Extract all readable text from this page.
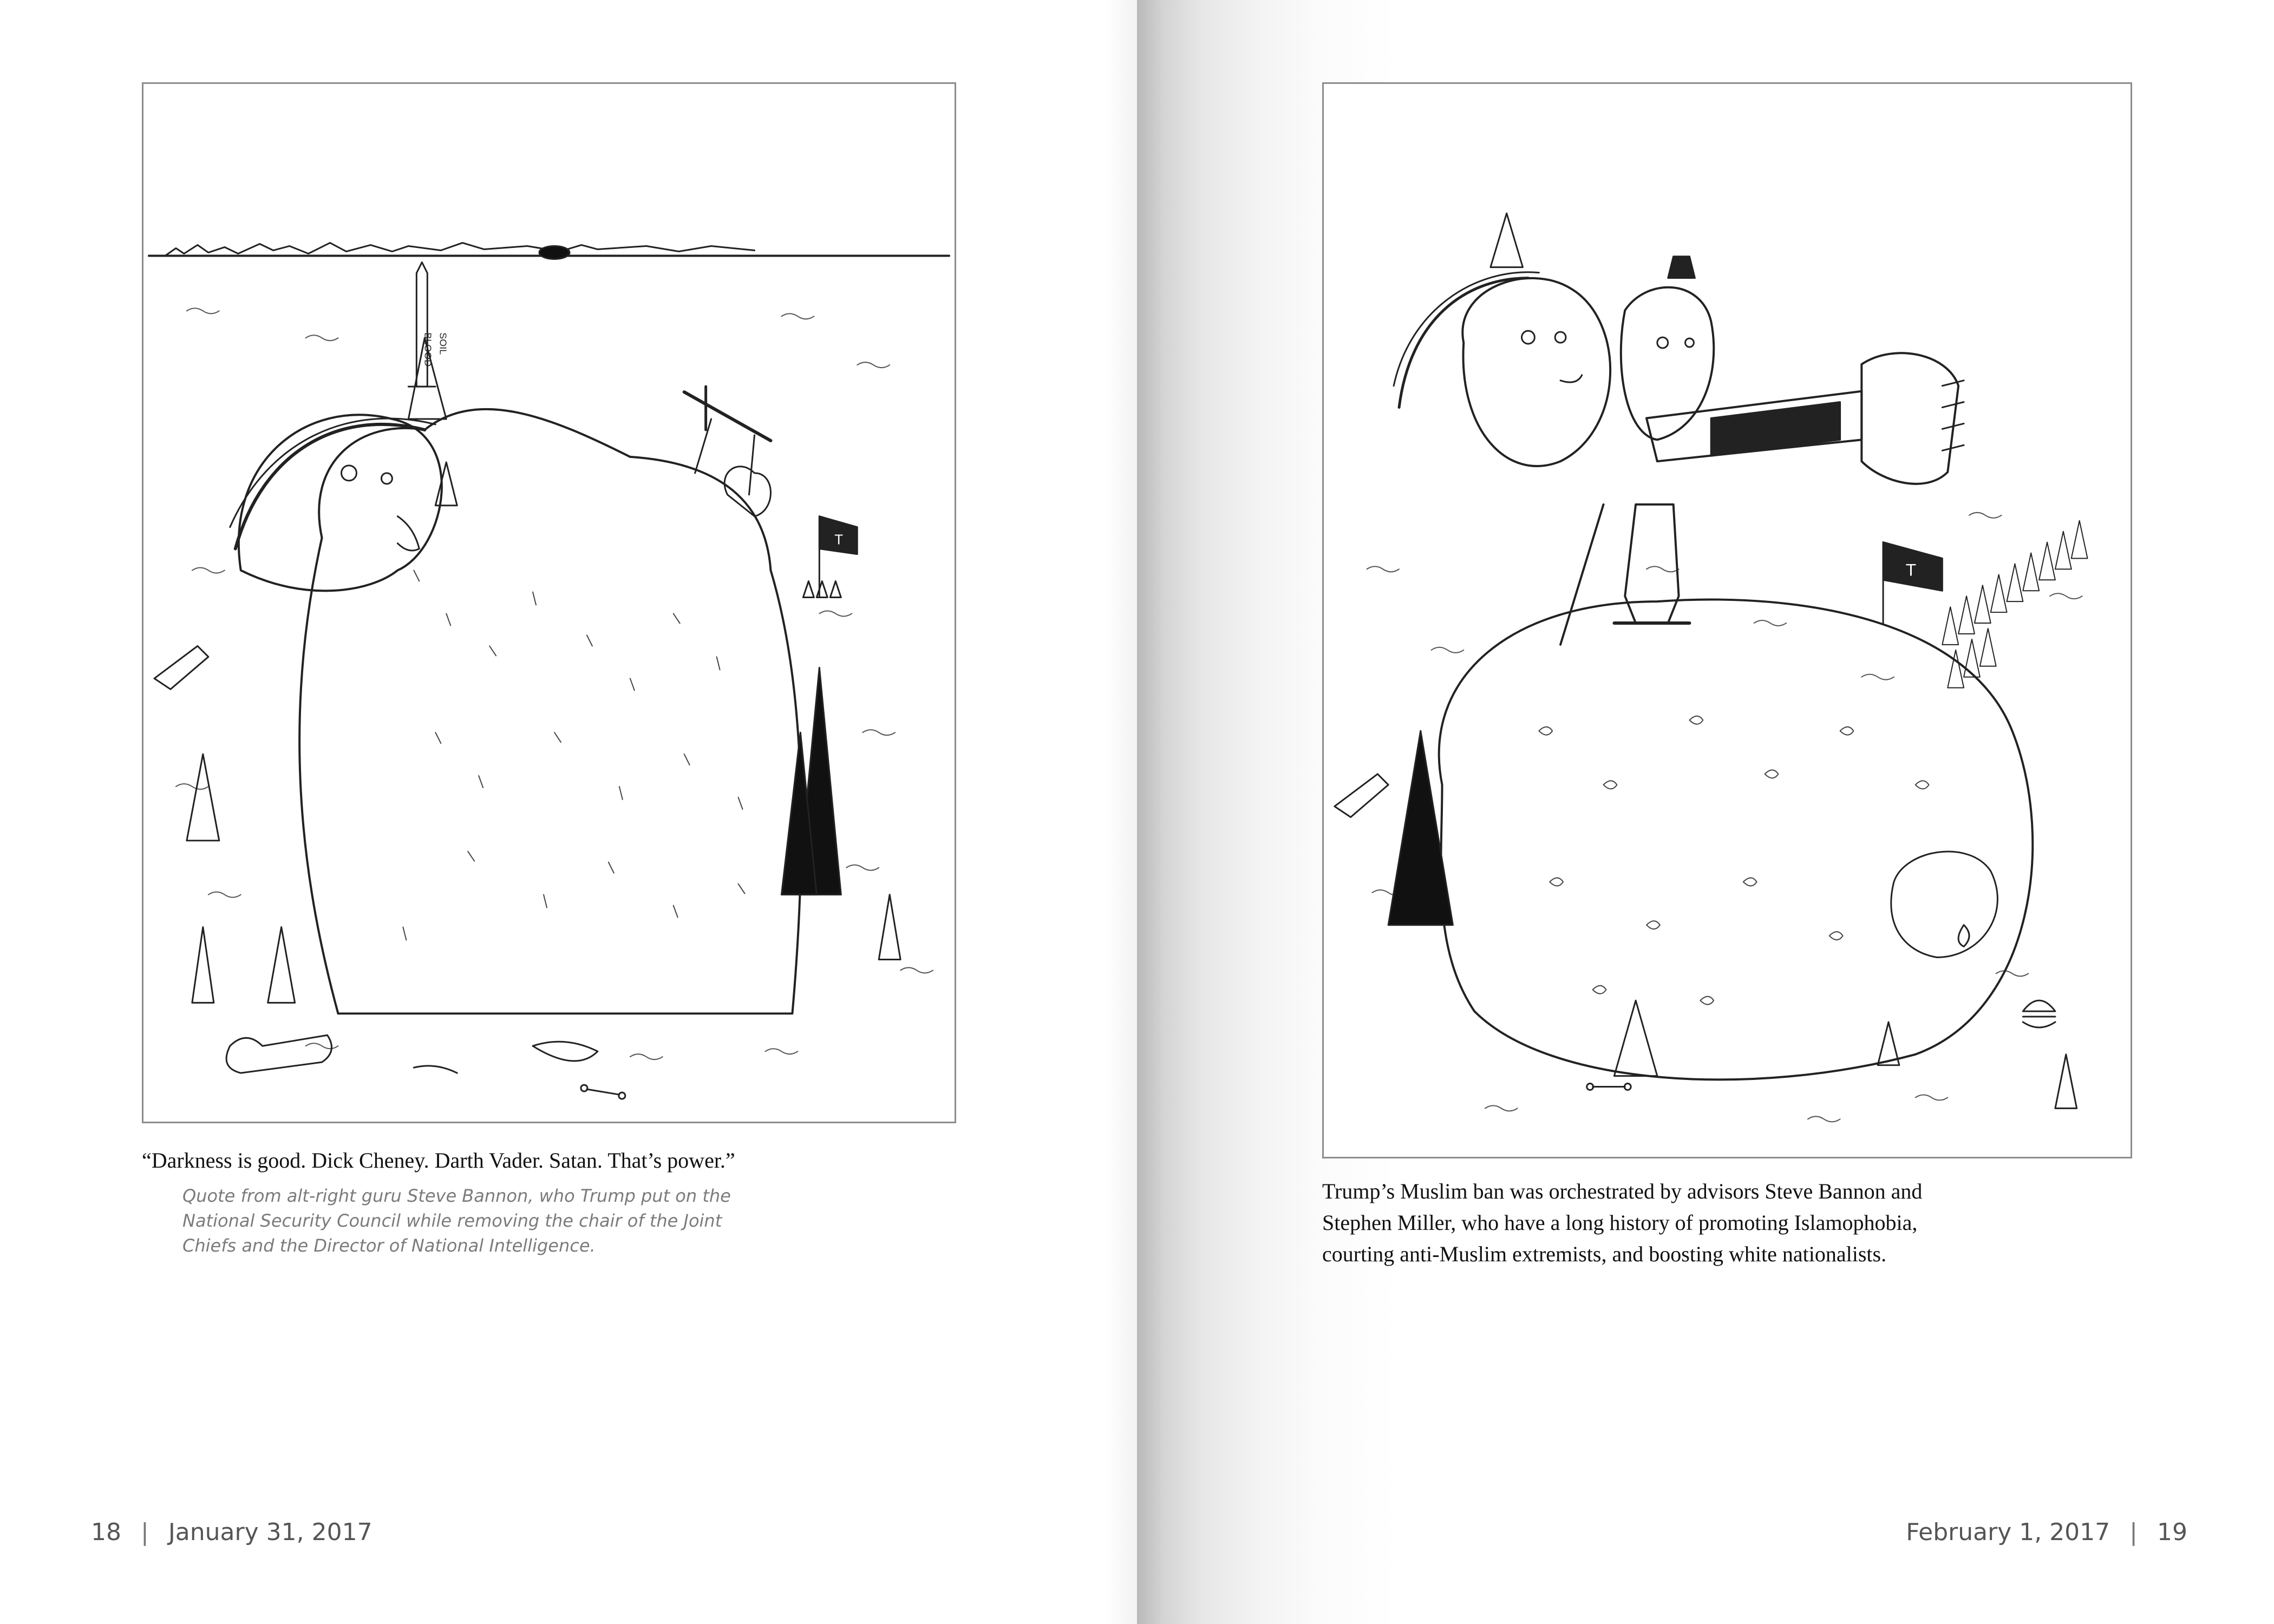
BLOOD SOIL
T

“Darkness is good. Dick Cheney. Darth Vader. Satan. That’s power.”

Quote from alt-right guru Steve Bannon, who Trump put on the
National Security Council while removing the chair of the Joint
Chiefs and the Director of National Intelligence.
18 | January 31, 2017
T
Trump’s Muslim ban was orchestrated by advisors Steve Bannon and
Stephen Miller, who have a long history of promoting Islamophobia,
courting anti-Muslim extremists, and boosting white nationalists.
February 1, 2017 | 19
